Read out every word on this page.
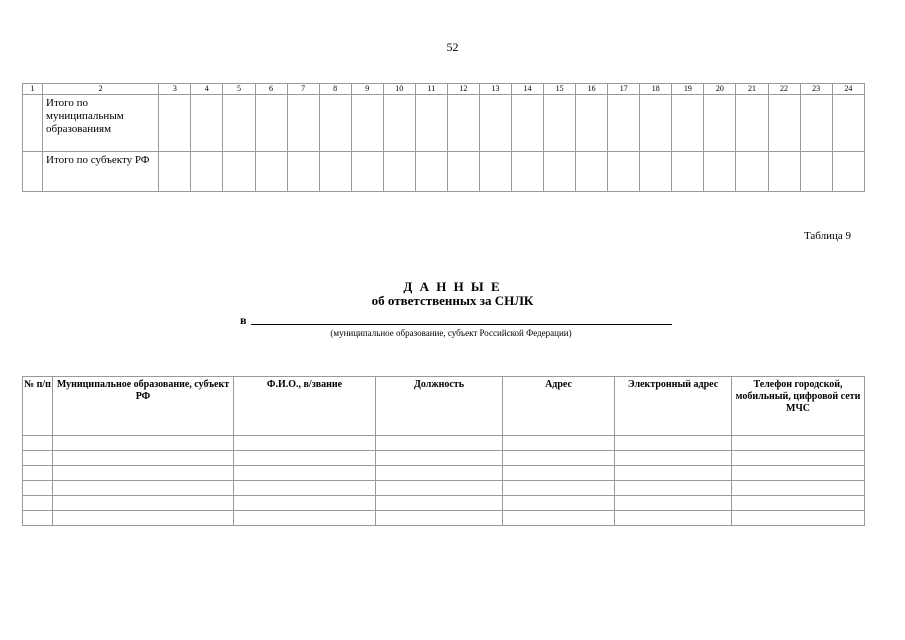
52
1	2	3	4	5	6	7	8	9	10	11	12	13	14	15	16	17	18	19	20	21	22	23	24
	Итого по муниципальным образованиям																						
	Итого по субъекту РФ																						
Таблица 9
Д А Н Н Ы Е
об ответственных за СНЛК
в
(муниципальное образование, субъект Российской Федерации)
№ п/п	Муниципальное образование, субъект РФ	Ф.И.О., в/звание	Должность	Адрес	Электронный адрес	Телефон городской, мобильный, цифровой сети МЧС
